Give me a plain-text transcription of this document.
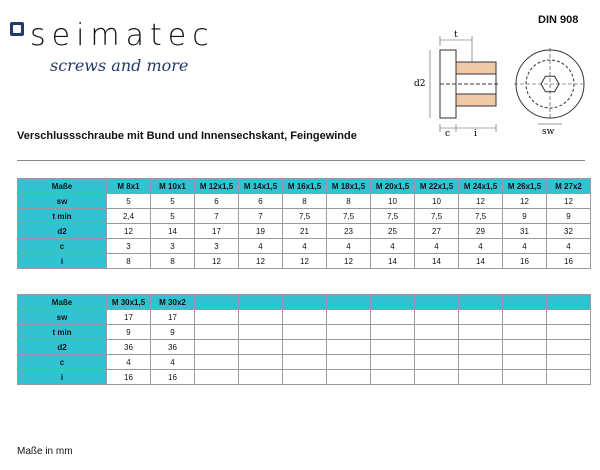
seimatec
screws and more
DIN 908
t
d2
c	i	sw
Verschlussschraube mit Bund und Innensechskant, Feingewinde
Maße	M 8x1	M 10x1	M 12x1,5	M 14x1,5	M 16x1,5	M 18x1,5	M 20x1,5	M 22x1,5	M 24x1,5	M 26x1,5	M 27x2
sw	5	5	6	6	8	8	10	10	12	12	12
t min	2,4	5	7	7	7,5	7,5	7,5	7,5	7,5	9	9
d2	12	14	17	19	21	23	25	27	29	31	32
c	3	3	3	4	4	4	4	4	4	4	4
i	8	8	12	12	12	12	14	14	14	16	16
Maße	M 30x1,5	M 30x2									
sw	17	17									
t min	9	9									
d2	36	36									
c	4	4									
i	16	16									
Maße in mm
